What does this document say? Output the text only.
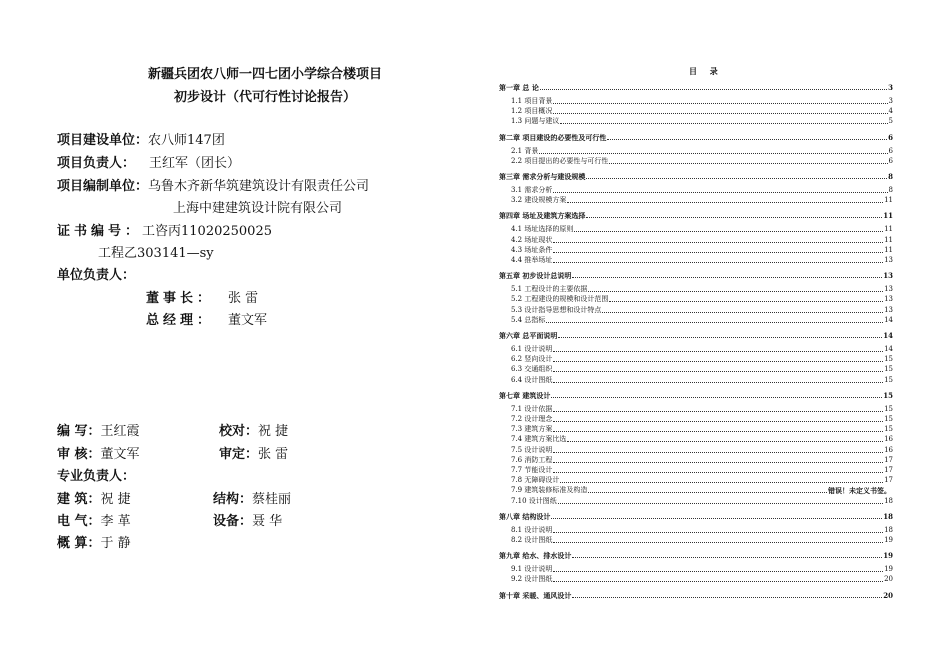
新疆兵团农八师一四七团小学综合楼项目
初步设计（代可行性讨论报告）
项目建设单位：农八师147团
项目负责人： 王红军（团长）
项目编制单位：乌鲁木齐新华筑建筑设计有限责任公司
上海中建建筑设计院有限公司
证书编号：工咨丙11020250025
工程乙303141—sy
单位负责人：
董事长： 张 雷
总经理： 董文军
编 写：王红霞	校对：祝 捷
审 核：董文军	审定：张 雷
专业负责人：
建 筑：祝 捷	结构：蔡桂丽
电 气：李 革	设备：聂 华
概 算：于 静
目 录
第一章 总 论	3
1.1 项目背景	3
1.2 项目概况	4
1.3 问题与建议	5
第二章 项目建设的必要性及可行性	6
2.1 背景	6
2.2 项目提出的必要性与可行性	6
第三章 需求分析与建设规模	8
3.1 需求分析	8
3.2 建设规模方案	11
第四章 场址及建筑方案选择	11
4.1 场址选择的原则	11
4.2 场址现状	11
4.3 场址条件	11
4.4 推举场址	13
第五章 初步设计总说明	13
5.1 工程设计的主要依据	13
5.2 工程建设的规模和设计范围	13
5.3 设计指导思想和设计特点	13
5.4 总指标	14
第六章 总平面说明	14
6.1 设计说明	14
6.2 竖向设计	15
6.3 交通组织	15
6.4 设计图纸	15
第七章 建筑设计	15
7.1 设计依据	15
7.2 设计理念	15
7.3 建筑方案	15
7.4 建筑方案比选	16
7.5 设计说明	16
7.6 消防工程	17
7.7 节能设计	17
7.8 无障碍设计	17
7.9 建筑装修标准及构造	错误！未定义书签。
7.10 设计图纸	18
第八章 结构设计	18
8.1 设计说明	18
8.2 设计图纸	19
第九章 给水、排水设计	19
9.1 设计说明	19
9.2 设计图纸	20
第十章 采暖、通风设计	20
